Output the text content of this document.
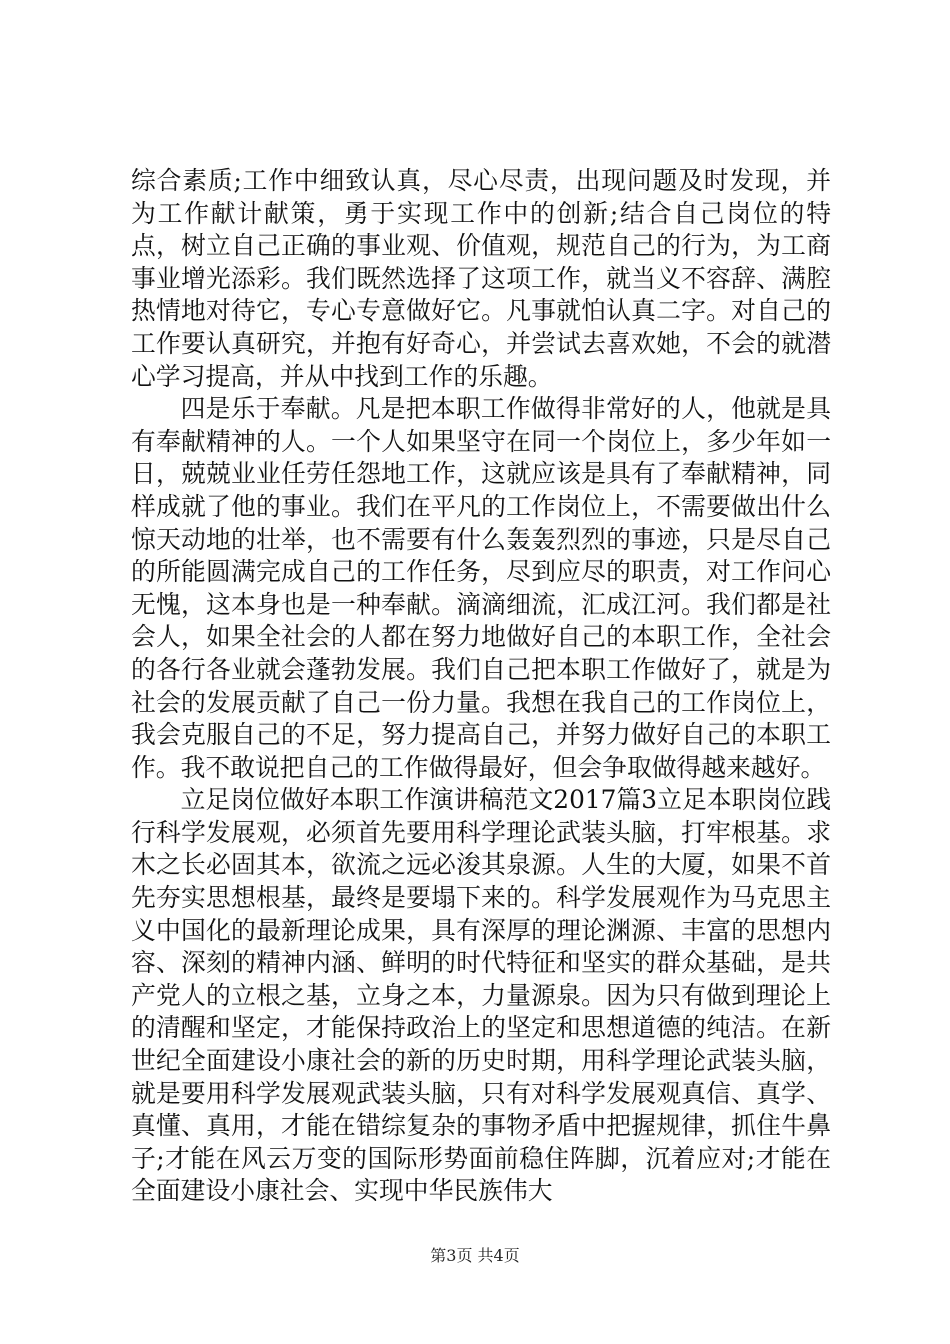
综合素质;工作中细致认真，尽心尽责，出现问题及时发现，并为工作献计献策，勇于实现工作中的创新;结合自己岗位的特点，树立自己正确的事业观、价值观，规范自己的行为，为工商事业增光添彩。我们既然选择了这项工作，就当义不容辞、满腔热情地对待它，专心专意做好它。凡事就怕认真二字。对自己的工作要认真研究，并抱有好奇心，并尝试去喜欢她，不会的就潜心学习提高，并从中找到工作的乐趣。

四是乐于奉献。凡是把本职工作做得非常好的人，他就是具有奉献精神的人。一个人如果坚守在同一个岗位上，多少年如一日，兢兢业业任劳任怨地工作，这就应该是具有了奉献精神，同样成就了他的事业。我们在平凡的工作岗位上，不需要做出什么惊天动地的壮举，也不需要有什么轰轰烈烈的事迹，只是尽自己的所能圆满完成自己的工作任务，尽到应尽的职责，对工作问心无愧，这本身也是一种奉献。滴滴细流，汇成江河。我们都是社会人，如果全社会的人都在努力地做好自己的本职工作，全社会的各行各业就会蓬勃发展。我们自己把本职工作做好了，就是为社会的发展贡献了自己一份力量。我想在我自己的工作岗位上，我会克服自己的不足，努力提高自己，并努力做好自己的本职工作。我不敢说把自己的工作做得最好，但会争取做得越来越好。

立足岗位做好本职工作演讲稿范文2017篇3立足本职岗位践行科学发展观，必须首先要用科学理论武装头脑，打牢根基。求木之长必固其本，欲流之远必浚其泉源。人生的大厦，如果不首先夯实思想根基，最终是要塌下来的。科学发展观作为马克思主义中国化的最新理论成果，具有深厚的理论渊源、丰富的思想内容、深刻的精神内涵、鲜明的时代特征和坚实的群众基础，是共产党人的立根之基，立身之本，力量源泉。因为只有做到理论上的清醒和坚定，才能保持政治上的坚定和思想道德的纯洁。在新世纪全面建设小康社会的新的历史时期，用科学理论武装头脑，就是要用科学发展观武装头脑，只有对科学发展观真信、真学、真懂、真用，才能在错综复杂的事物矛盾中把握规律，抓住牛鼻子;才能在风云万变的国际形势面前稳住阵脚，沉着应对;才能在全面建设小康社会、实现中华民族伟大

第3页 共4页
